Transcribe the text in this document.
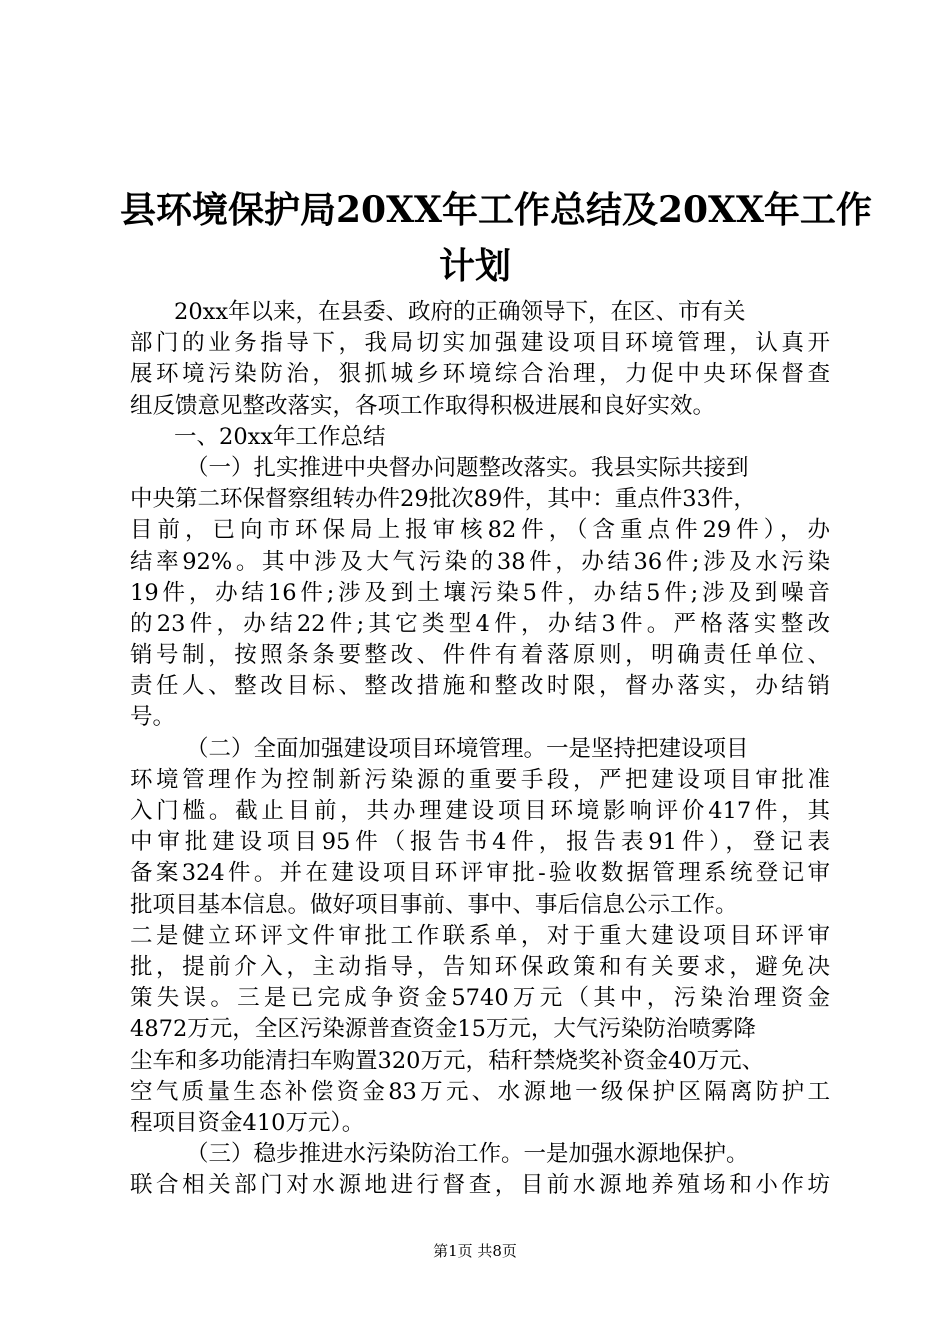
县环境保护局20XX年工作总结及20XX年工作
计划
20xx年以来，在县委、政府的正确领导下，在区、市有关
部门的业务指导下，我局切实加强建设项目环境管理，认真开
展环境污染防治，狠抓城乡环境综合治理，力促中央环保督查
组反馈意见整改落实，各项工作取得积极进展和良好实效。
一、20xx年工作总结
（一）扎实推进中央督办问题整改落实。我县实际共接到
中央第二环保督察组转办件29批次89件，其中：重点件33件，
目前，已向市环保局上报审核82件，（含重点件29件），办
结率92%。其中涉及大气污染的38件，办结36件;涉及水污染
19件，办结16件;涉及到土壤污染5件，办结5件;涉及到噪音
的23件，办结22件;其它类型4件，办结3件。严格落实整改
销号制，按照条条要整改、件件有着落原则，明确责任单位、
责任人、整改目标、整改措施和整改时限，督办落实，办结销
号。
（二）全面加强建设项目环境管理。一是坚持把建设项目
环境管理作为控制新污染源的重要手段，严把建设项目审批准
入门槛。截止目前，共办理建设项目环境影响评价417件，其
中审批建设项目95件（报告书4件，报告表91件），登记表
备案324件。并在建设项目环评审批-验收数据管理系统登记审
批项目基本信息。做好项目事前、事中、事后信息公示工作。
二是健立环评文件审批工作联系单，对于重大建设项目环评审
批，提前介入，主动指导，告知环保政策和有关要求，避免决
策失误。三是已完成争资金5740万元（其中，污染治理资金
4872万元，全区污染源普查资金15万元，大气污染防治喷雾降
尘车和多功能清扫车购置320万元，秸秆禁烧奖补资金40万元、
空气质量生态补偿资金83万元、水源地一级保护区隔离防护工
程项目资金410万元）。
（三）稳步推进水污染防治工作。一是加强水源地保护。
联合相关部门对水源地进行督查，目前水源地养殖场和小作坊
第1页 共8页
